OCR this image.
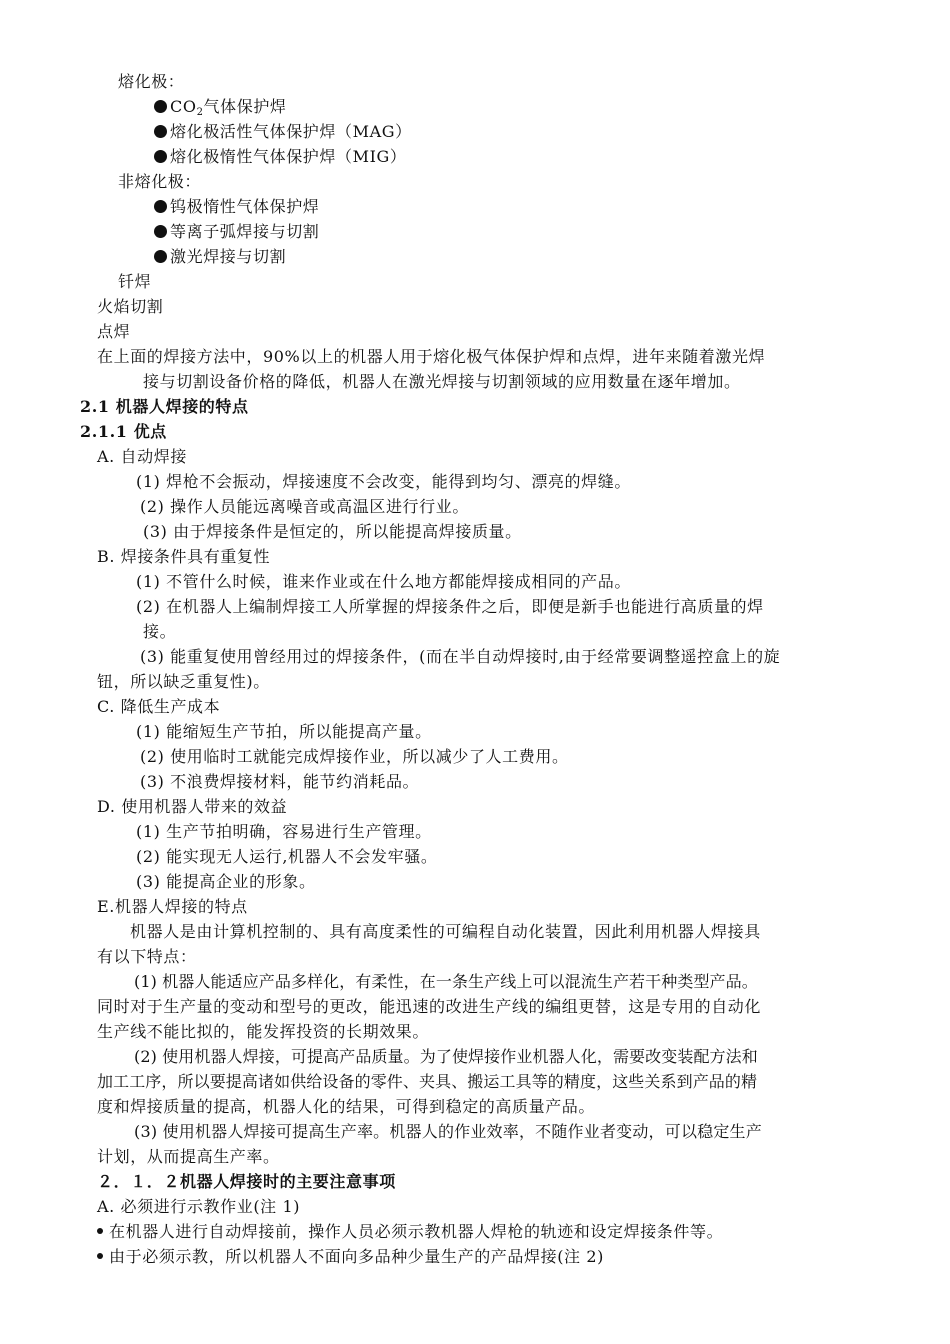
熔化极：
$CO_2$气体保护焊
熔化极活性气体保护焊（MAG）
熔化极惰性气体保护焊（MIG）
非熔化极：
钨极惰性气体保护焊
等离子弧焊接与切割
激光焊接与切割
钎焊
火焰切割
点焊
在上面的焊接方法中，90%以上的机器人用于熔化极气体保护焊和点焊，进年来随着激光焊
接与切割设备价格的降低，机器人在激光焊接与切割领域的应用数量在逐年增加。
2.1 机器人焊接的特点
2.1.1 优点
A. 自动焊接
(1) 焊枪不会振动，焊接速度不会改变，能得到均匀、漂亮的焊缝。
(2) 操作人员能远离噪音或高温区进行行业。
(3) 由于焊接条件是恒定的，所以能提高焊接质量。
B. 焊接条件具有重复性
(1) 不管什么时候，谁来作业或在什么地方都能焊接成相同的产品。
(2) 在机器人上编制焊接工人所掌握的焊接条件之后，即便是新手也能进行高质量的焊
接。
(3) 能重复使用曾经用过的焊接条件，(而在半自动焊接时,由于经常要调整遥控盒上的旋
钮，所以缺乏重复性)。
C. 降低生产成本
(1) 能缩短生产节拍，所以能提高产量。
(2) 使用临时工就能完成焊接作业，所以减少了人工费用。
(3) 不浪费焊接材料，能节约消耗品。
D. 使用机器人带来的效益
(1) 生产节拍明确，容易进行生产管理。
(2) 能实现无人运行,机器人不会发牢骚。
(3) 能提高企业的形象。
E.机器人焊接的特点
机器人是由计算机控制的、具有高度柔性的可编程自动化装置，因此利用机器人焊接具
有以下特点：
(1) 机器人能适应产品多样化，有柔性，在一条生产线上可以混流生产若干种类型产品。
同时对于生产量的变动和型号的更改，能迅速的改进生产线的编组更替，这是专用的自动化
生产线不能比拟的，能发挥投资的长期效果。
(2) 使用机器人焊接，可提高产品质量。为了使焊接作业机器人化，需要改变装配方法和
加工工序，所以要提高诸如供给设备的零件、夹具、搬运工具等的精度，这些关系到产品的精
度和焊接质量的提高，机器人化的结果，可得到稳定的高质量产品。
(3) 使用机器人焊接可提高生产率。机器人的作业效率，不随作业者变动，可以稳定生产
计划，从而提高生产率。
２．１．２机器人焊接时的主要注意事项
A. 必须进行示教作业(注 1)
在机器人进行自动焊接前，操作人员必须示教机器人焊枪的轨迹和设定焊接条件等。
由于必须示教，所以机器人不面向多品种少量生产的产品焊接(注 2)
